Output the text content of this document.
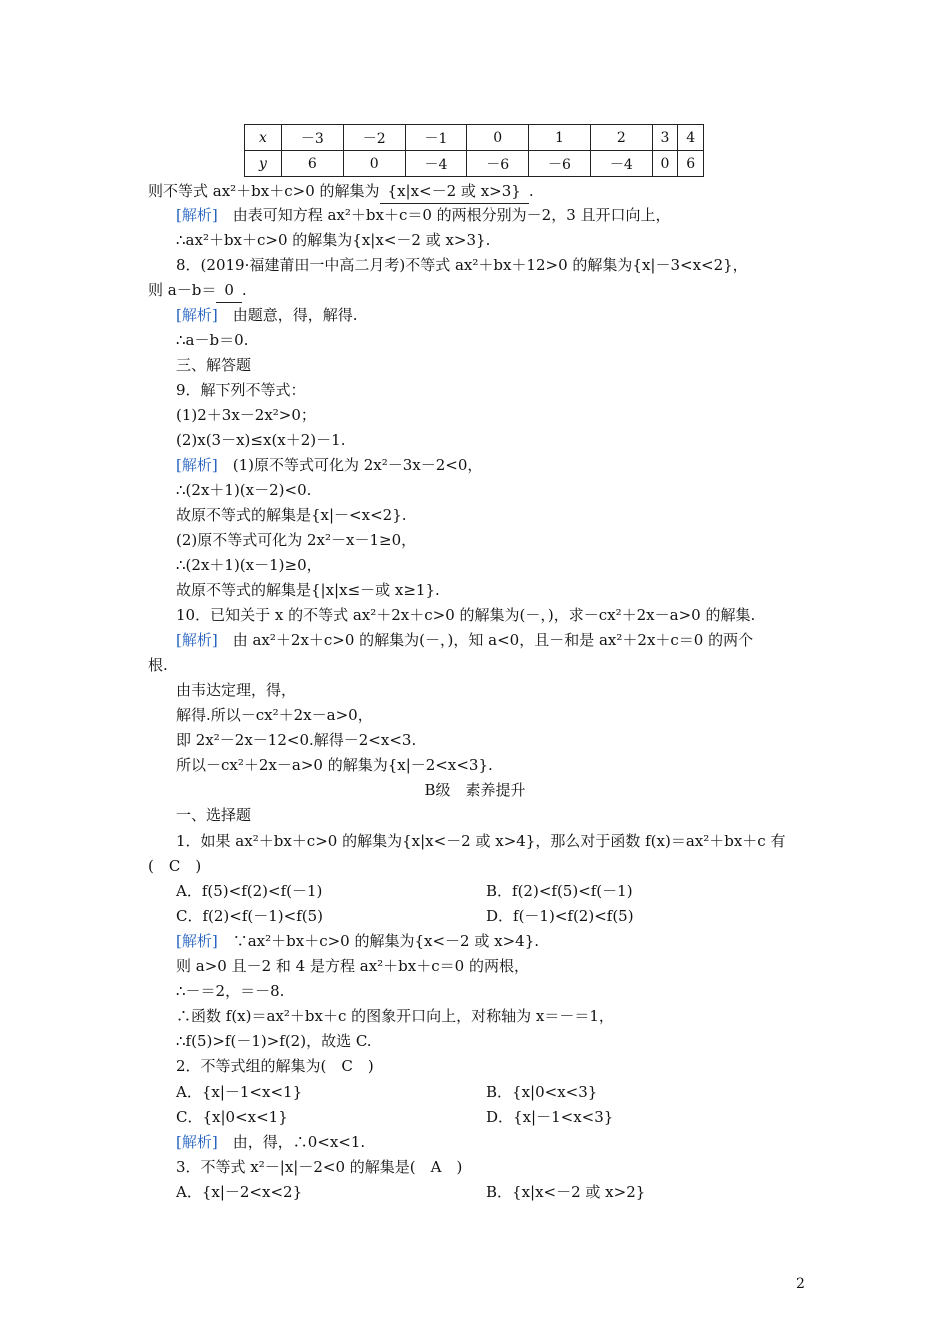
x	－3	－2	－1	0	1	2	3	4
y	6	0	－4	－6	－6	－4	0	6
则不等式 ax²＋bx＋c>0 的解集为 {x|x<－2 或 x>3} .
[解析]　由表可知方程 ax²＋bx＋c＝0 的两根分别为－2，3 且开口向上，
∴ax²＋bx＋c>0 的解集为{x|x<－2 或 x>3}.
8．(2019·福建莆田一中高二月考)不等式 ax²＋bx＋12>0 的解集为{x|－3<x<2}，
则 a－b＝ 0 .
[解析]　由题意，得，解得.
∴a－b＝0.
三、解答题
9．解下列不等式：
(1)2＋3x－2x²>0；
(2)x(3－x)≤x(x＋2)－1.
[解析]　(1)原不等式可化为 2x²－3x－2<0，
∴(2x＋1)(x－2)<0.
故原不等式的解集是{x|－<x<2}.
(2)原不等式可化为 2x²－x－1≥0，
∴(2x＋1)(x－1)≥0，
故原不等式的解集是{|x|x≤－或 x≥1}.
10．已知关于 x 的不等式 ax²＋2x＋c>0 的解集为(－，)，求－cx²＋2x－a>0 的解集.
[解析]　由 ax²＋2x＋c>0 的解集为(－，)，知 a<0，且－和是 ax²＋2x＋c＝0 的两个
根.
由韦达定理，得，
解得.所以－cx²＋2x－a>0，
即 2x²－2x－12<0.解得－2<x<3.
所以－cx²＋2x－a>0 的解集为{x|－2<x<3}.
B级　素养提升
一、选择题
1．如果 ax²＋bx＋c>0 的解集为{x|x<－2 或 x>4}，那么对于函数 f(x)＝ax²＋bx＋c 有
(　C　)
A．f(5)<f(2)<f(－1)	B．f(2)<f(5)<f(－1)
C．f(2)<f(－1)<f(5)	D．f(－1)<f(2)<f(5)
[解析]　∵ax²＋bx＋c>0 的解集为{x<－2 或 x>4}.
则 a>0 且－2 和 4 是方程 ax²＋bx＋c＝0 的两根，
∴－＝2，＝－8.
∴函数 f(x)＝ax²＋bx＋c 的图象开口向上，对称轴为 x＝－＝1，
∴f(5)>f(－1)>f(2)，故选 C.
2．不等式组的解集为(　C　)
A．{x|－1<x<1}	B．{x|0<x<3}
C．{x|0<x<1}	D．{x|－1<x<3}
[解析]　由，得，∴0<x<1.
3．不等式 x²－|x|－2<0 的解集是(　A　)
A．{x|－2<x<2}	B．{x|x<－2 或 x>2}
2
